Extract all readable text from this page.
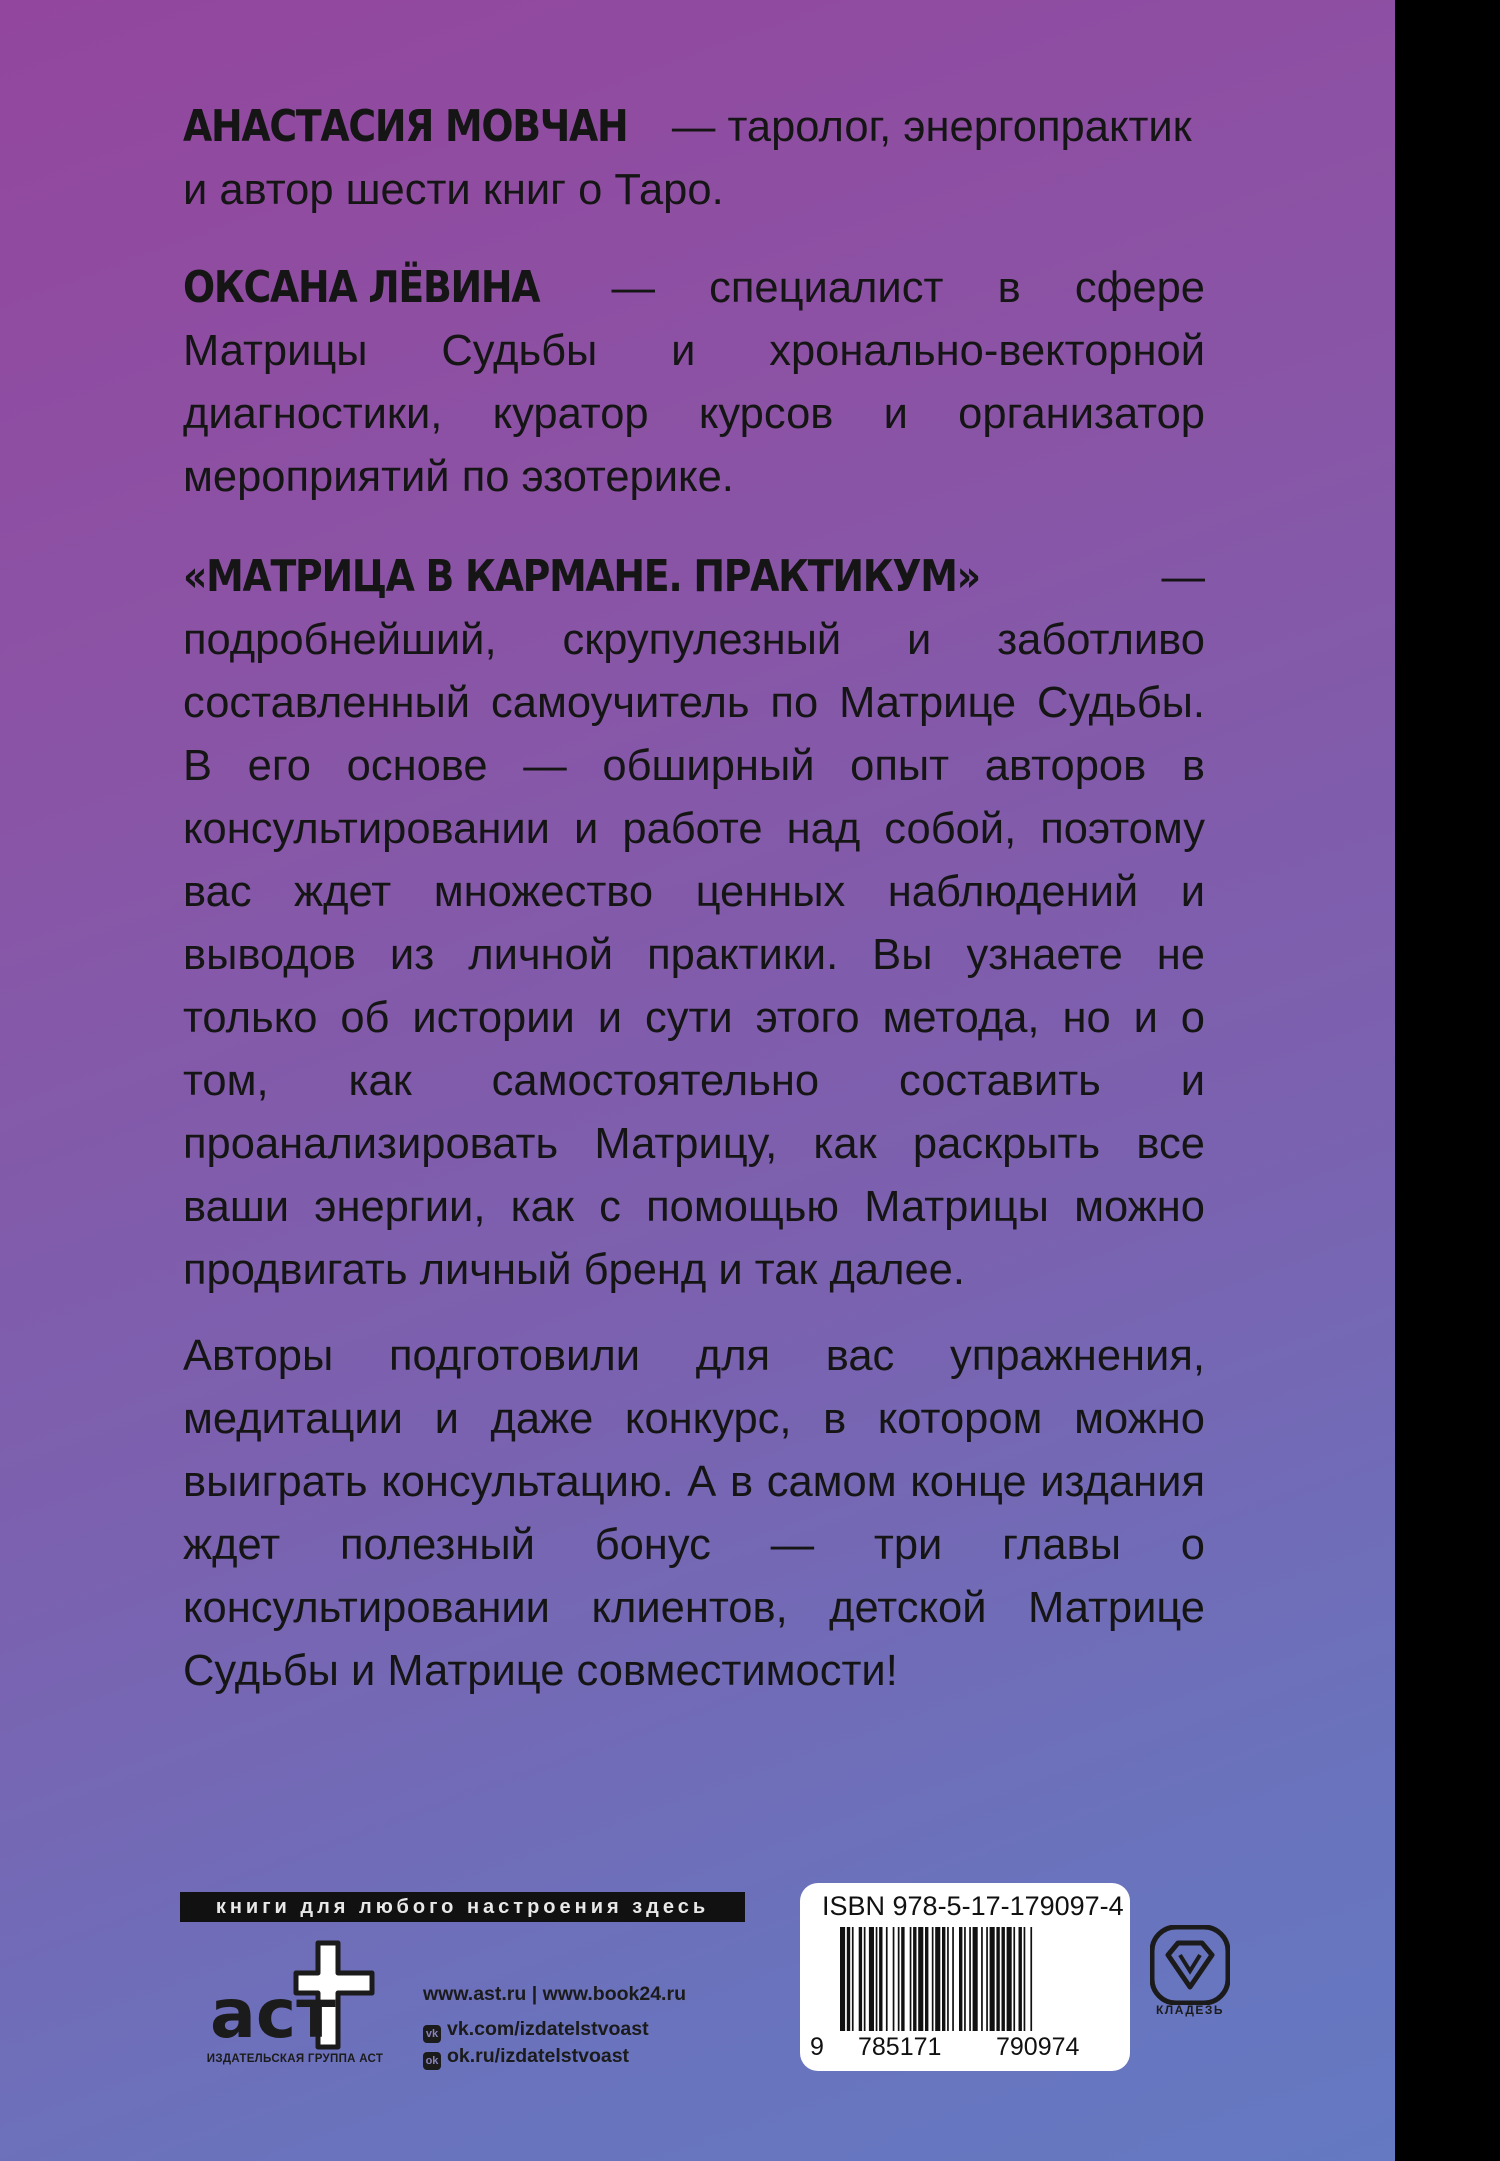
АНАСТАСИЯ МОВЧАН — таролог, энергопрактик
и автор шести книг о Таро.
ОКСАНА ЛЁВИНА — специалист в сфере Матрицы Судьбы и хронально-векторной диагностики, куратор курсов и организатор мероприятий по эзотерике.
«МАТРИЦА В КАРМАНЕ. ПРАКТИКУМ»	— подробнейший, скрупулезный и заботливо составленный самоучитель по Матрице Судьбы. В его основе — обширный опыт авторов в консультировании и работе над собой, поэтому вас ждет множество ценных наблюдений и выводов из личной практики. Вы узнаете не только об истории и сути этого метода, но и о том, как самостоятельно составить и проанализировать Матрицу, как раскрыть все ваши энергии, как с помощью Матрицы можно продвигать личный бренд и так далее.
Авторы подготовили для вас упражнения, медитации и даже конкурс, в котором можно выиграть консультацию. А в самом конце издания ждет полезный бонус — три главы о консультировании клиентов, детской Матрице Судьбы и Матрице совместимости!
книги для любого настроения здесь
аст
ИЗДАТЕЛЬСКАЯ ГРУППА АСТ
www.ast.ru | www.book24.ru
vk vk.com/izdatelstvoast
ok ok.ru/izdatelstvoast
ISBN 978-5-17-179097-4
9 785171 790974
КЛАДЕЗЬ
